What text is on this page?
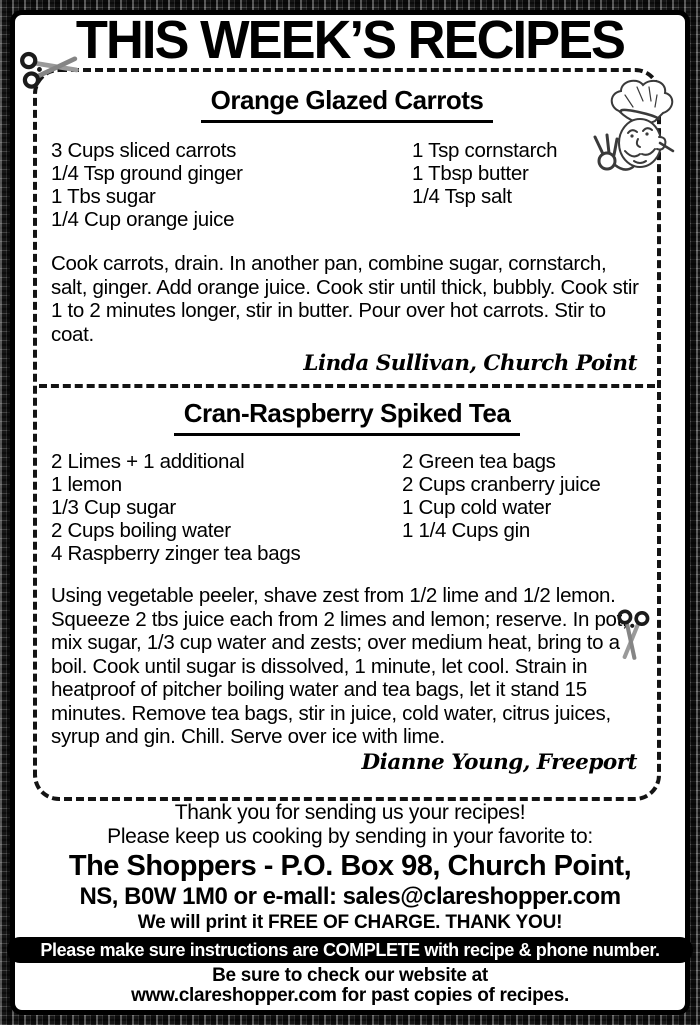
THIS WEEK’S RECIPES
Orange Glazed Carrots
3 Cups sliced carrots
1/4 Tsp ground ginger
1 Tbs sugar
1/4 Cup orange juice
1 Tsp cornstarch
1 Tbsp butter
1/4 Tsp salt

Cook carrots, drain. In another pan, combine sugar, cornstarch, salt, ginger. Add orange juice. Cook stir until thick, bubbly. Cook stir 1 to 2 minutes longer, stir in butter. Pour over hot carrots. Stir to coat.

Linda Sullivan, Church Point
Cran-Raspberry Spiked Tea
2 Limes + 1 additional
1 lemon
1/3 Cup sugar
2 Cups boiling water
4 Raspberry zinger tea bags
2 Green tea bags
2 Cups cranberry juice
1 Cup cold water
1 1/4 Cups gin

Using vegetable peeler, shave zest from 1/2 lime and 1/2 lemon. Squeeze 2 tbs juice each from 2 limes and lemon; reserve. In pot, mix sugar, 1/3 cup water and zests; over medium heat, bring to a boil. Cook until sugar is dissolved, 1 minute, let cool. Strain in heatproof of pitcher boiling water and tea bags, let it stand 15 minutes. Remove tea bags, stir in juice, cold water, citrus juices, syrup and gin. Chill. Serve over ice with lime.

Dianne Young, Freeport
Thank you for sending us your recipes!
Please keep us cooking by sending in your favorite to:
The Shoppers - P.O. Box 98, Church Point,
NS, B0W 1M0 or e-mall: sales@clareshopper.com
We will print it FREE OF CHARGE. THANK YOU!
Please make sure instructions are COMPLETE with recipe & phone number.
Be sure to check our website at
www.clareshopper.com for past copies of recipes.
